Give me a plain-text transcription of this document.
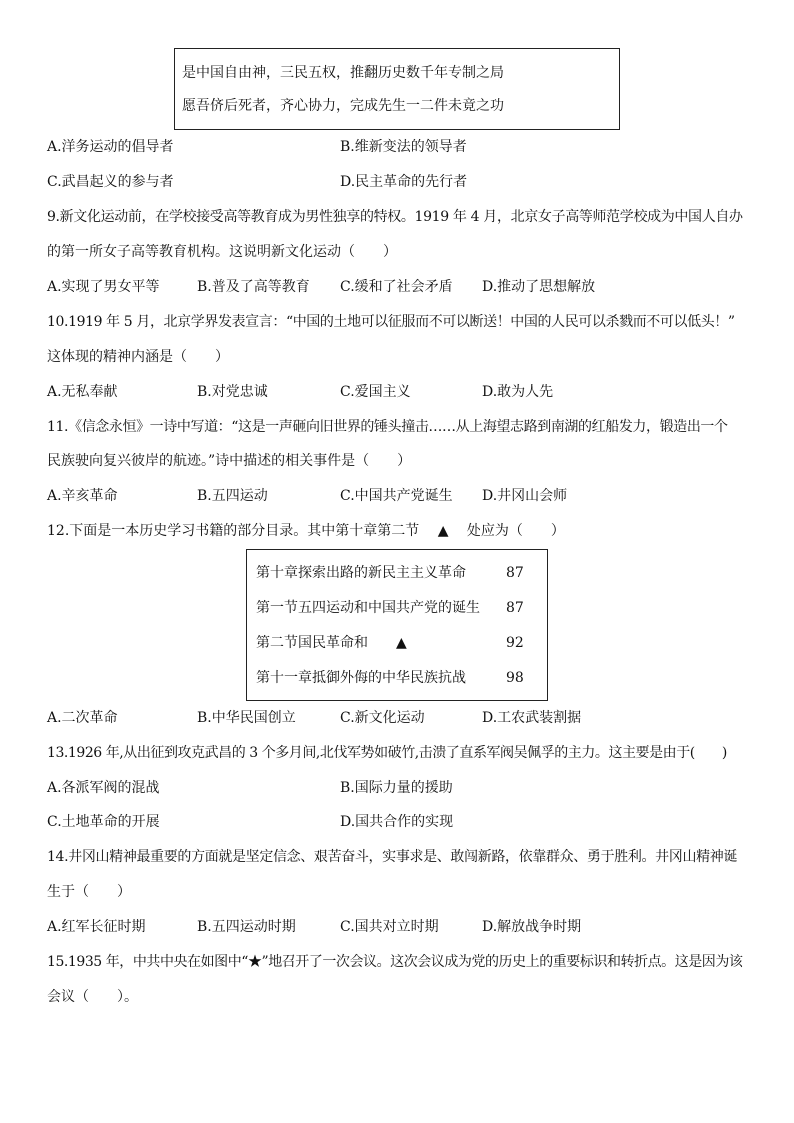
是中国自由神，三民五权，推翻历史数千年专制之局
愿吾侪后死者，齐心协力，完成先生一二件未竟之功
A.洋务运动的倡导者	B.维新变法的领导者
C.武昌起义的参与者	D.民主革命的先行者
9.新文化运动前，在学校接受高等教育成为男性独享的特权。1919 年 4 月，北京女子高等师范学校成为中国人自办
的第一所女子高等教育机构。这说明新文化运动（　　）
A.实现了男女平等	B.普及了高等教育 C.缓和了社会矛盾 D.推动了思想解放
10.1919 年 5 月，北京学界发表宣言：“中国的土地可以征服而不可以断送！中国的人民可以杀戮而不可以低头！”
这体现的精神内涵是（　　）
A.无私奉献	B.对党忠诚	C.爱国主义	D.敢为人先
11.《信念永恒》一诗中写道：“这是一声砸向旧世界的锤头撞击……从上海望志路到南湖的红船发力，锻造出一个
民族驶向复兴彼岸的航迹。”诗中描述的相关事件是（　　）
A.辛亥革命	B.五四运动	C.中国共产党诞生 D.井冈山会师
12.下面是一本历史学习书籍的部分目录。其中第十章第二节　 ▲　 处应为（　　）
第十章探索出路的新民主主义革命	87
第一节五四运动和中国共产党的诞生 87
第二节国民革命和　　▲	92
第十一章抵御外侮的中华民族抗战	98
A.二次革命	B.中华民国创立	C.新文化运动	D.工农武装割据
13.1926 年,从出征到攻克武昌的 3 个多月间,北伐军势如破竹,击溃了直系军阀吴佩孚的主力。这主要是由于(　　)
A.各派军阀的混战	B.国际力量的援助
C.土地革命的开展	D.国共合作的实现
14.井冈山精神最重要的方面就是坚定信念、艰苦奋斗，实事求是、敢闯新路，依靠群众、勇于胜利。井冈山精神诞
生于（　　）
A.红军长征时期	B.五四运动时期	C.国共对立时期	D.解放战争时期
15.1935 年，中共中央在如图中“★”地召开了一次会议。这次会议成为党的历史上的重要标识和转折点。这是因为该
会议（　　）。
